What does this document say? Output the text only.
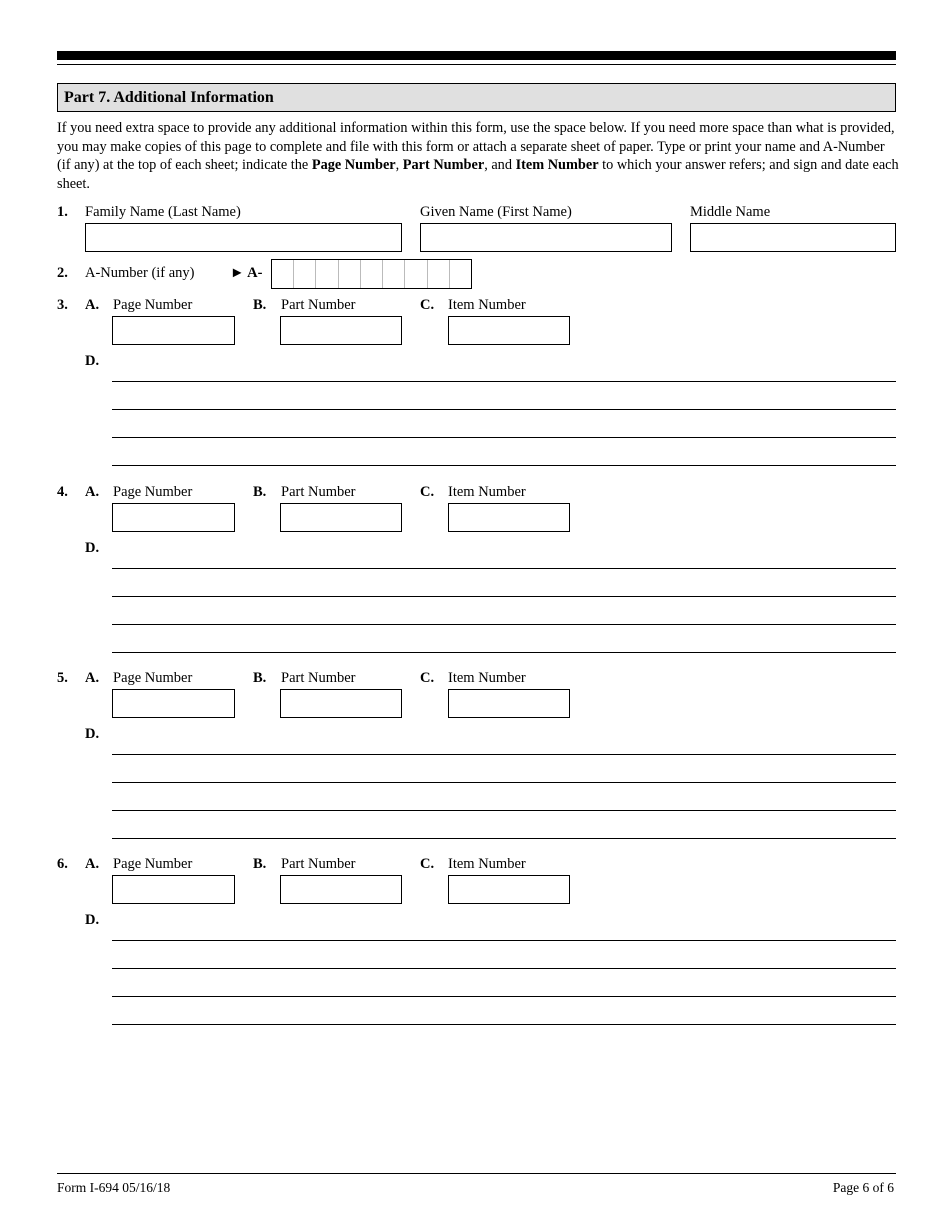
Part 7. Additional Information
If you need extra space to provide any additional information within this form, use the space below. If you need more space than what is provided, you may make copies of this page to complete and file with this form or attach a separate sheet of paper. Type or print your name and A-Number (if any) at the top of each sheet; indicate the Page Number, Part Number, and Item Number to which your answer refers; and sign and date each sheet.
1. Family Name (Last Name)	Given Name (First Name)	Middle Name
2. A-Number (if any) ► A-
3. A. Page Number	B. Part Number	C. Item Number
D.
4. A. Page Number	B. Part Number	C. Item Number
D.
5. A. Page Number	B. Part Number	C. Item Number
D.
6. A. Page Number	B. Part Number	C. Item Number
D.
Form I-694 05/16/18	Page 6 of 6
